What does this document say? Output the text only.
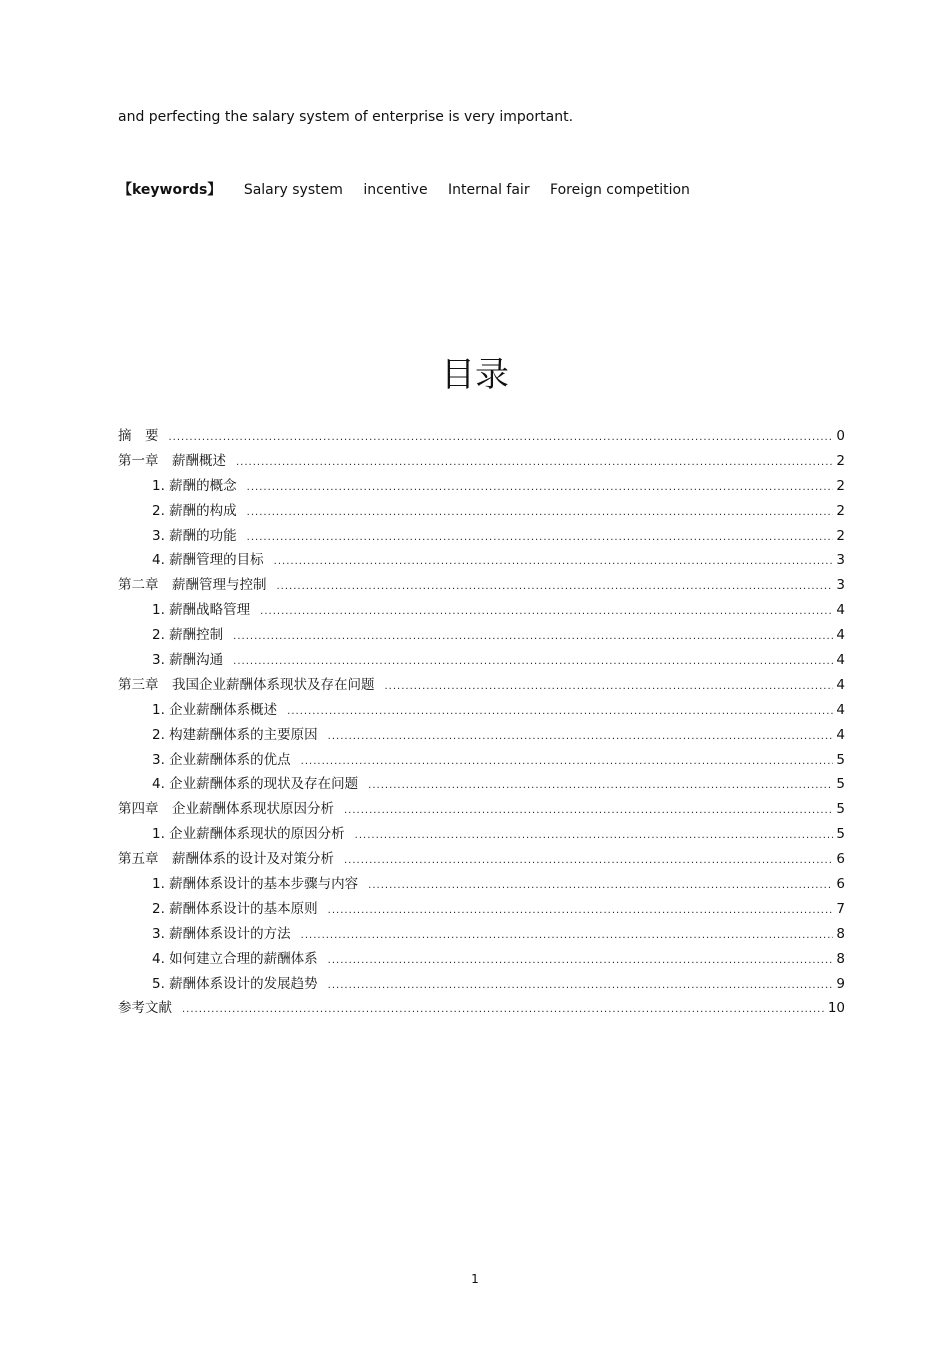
and perfecting the salary system of enterprise is very important.
【keywords】 Salary system incentive Internal fair Foreign competition
目录
摘　要 .....	0
第一章　薪酬概述 .....	2
1. 薪酬的概念 .....	2
2. 薪酬的构成 .....	2
3. 薪酬的功能 .....	2
4. 薪酬管理的目标 .....	3
第二章　薪酬管理与控制 .....	3
1. 薪酬战略管理 .....	4
2. 薪酬控制 .....	4
3. 薪酬沟通 .....	4
第三章　我国企业薪酬体系现状及存在问题 .....	4
1. 企业薪酬体系概述 .....	4
2. 构建薪酬体系的主要原因 .....	4
3. 企业薪酬体系的优点 .....	5
4. 企业薪酬体系的现状及存在问题 .....	5
第四章　企业薪酬体系现状原因分析 .....	5
1. 企业薪酬体系现状的原因分析 .....	5
第五章　薪酬体系的设计及对策分析 .....	6
1. 薪酬体系设计的基本步骤与内容 .....	6
2. 薪酬体系设计的基本原则 .....	7
3. 薪酬体系设计的方法 .....	8
4. 如何建立合理的薪酬体系 .....	8
5. 薪酬体系设计的发展趋势 .....	9
参考文献 .....	10
1
